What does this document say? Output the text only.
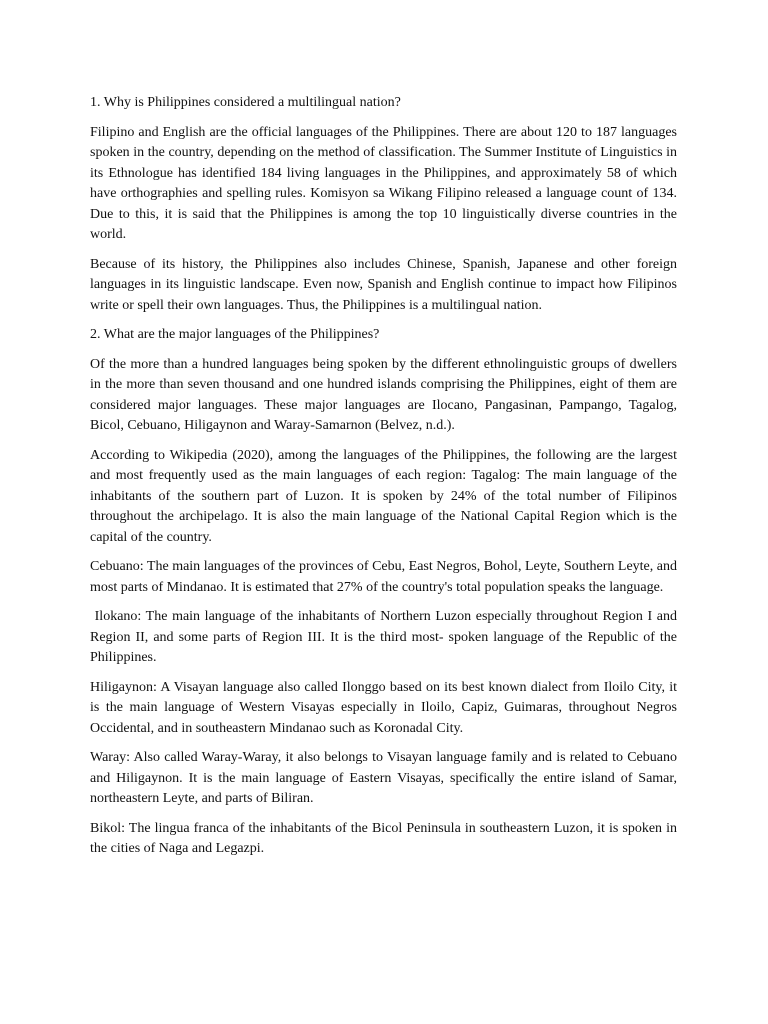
1. Why is Philippines considered a multilingual nation?

Filipino and English are the official languages of the Philippines. There are about 120 to 187 languages spoken in the country, depending on the method of classification. The Summer Institute of Linguistics in its Ethnologue has identified 184 living languages in the Philippines, and approximately 58 of which have orthographies and spelling rules. Komisyon sa Wikang Filipino released a language count of 134. Due to this, it is said that the Philippines is among the top 10 linguistically diverse countries in the world.

Because of its history, the Philippines also includes Chinese, Spanish, Japanese and other foreign languages in its linguistic landscape. Even now, Spanish and English continue to impact how Filipinos write or spell their own languages. Thus, the Philippines is a multilingual nation.

2. What are the major languages of the Philippines?

Of the more than a hundred languages being spoken by the different ethnolinguistic groups of dwellers in the more than seven thousand and one hundred islands comprising the Philippines, eight of them are considered major languages. These major languages are Ilocano, Pangasinan, Pampango, Tagalog, Bicol, Cebuano, Hiligaynon and Waray-Samarnon (Belvez, n.d.).

According to Wikipedia (2020), among the languages of the Philippines, the following are the largest and most frequently used as the main languages of each region: Tagalog: The main language of the inhabitants of the southern part of Luzon. It is spoken by 24% of the total number of Filipinos throughout the archipelago. It is also the main language of the National Capital Region which is the capital of the country.

Cebuano: The main languages of the provinces of Cebu, East Negros, Bohol, Leyte, Southern Leyte, and most parts of Mindanao. It is estimated that 27% of the country's total population speaks the language.

Ilokano: The main language of the inhabitants of Northern Luzon especially throughout Region I and Region II, and some parts of Region III. It is the third most- spoken language of the Republic of the Philippines.

Hiligaynon: A Visayan language also called Ilonggo based on its best known dialect from Iloilo City, it is the main language of Western Visayas especially in Iloilo, Capiz, Guimaras, throughout Negros Occidental, and in southeastern Mindanao such as Koronadal City.

Waray: Also called Waray-Waray, it also belongs to Visayan language family and is related to Cebuano and Hiligaynon. It is the main language of Eastern Visayas, specifically the entire island of Samar, northeastern Leyte, and parts of Biliran.

Bikol: The lingua franca of the inhabitants of the Bicol Peninsula in southeastern Luzon, it is spoken in the cities of Naga and Legazpi.
